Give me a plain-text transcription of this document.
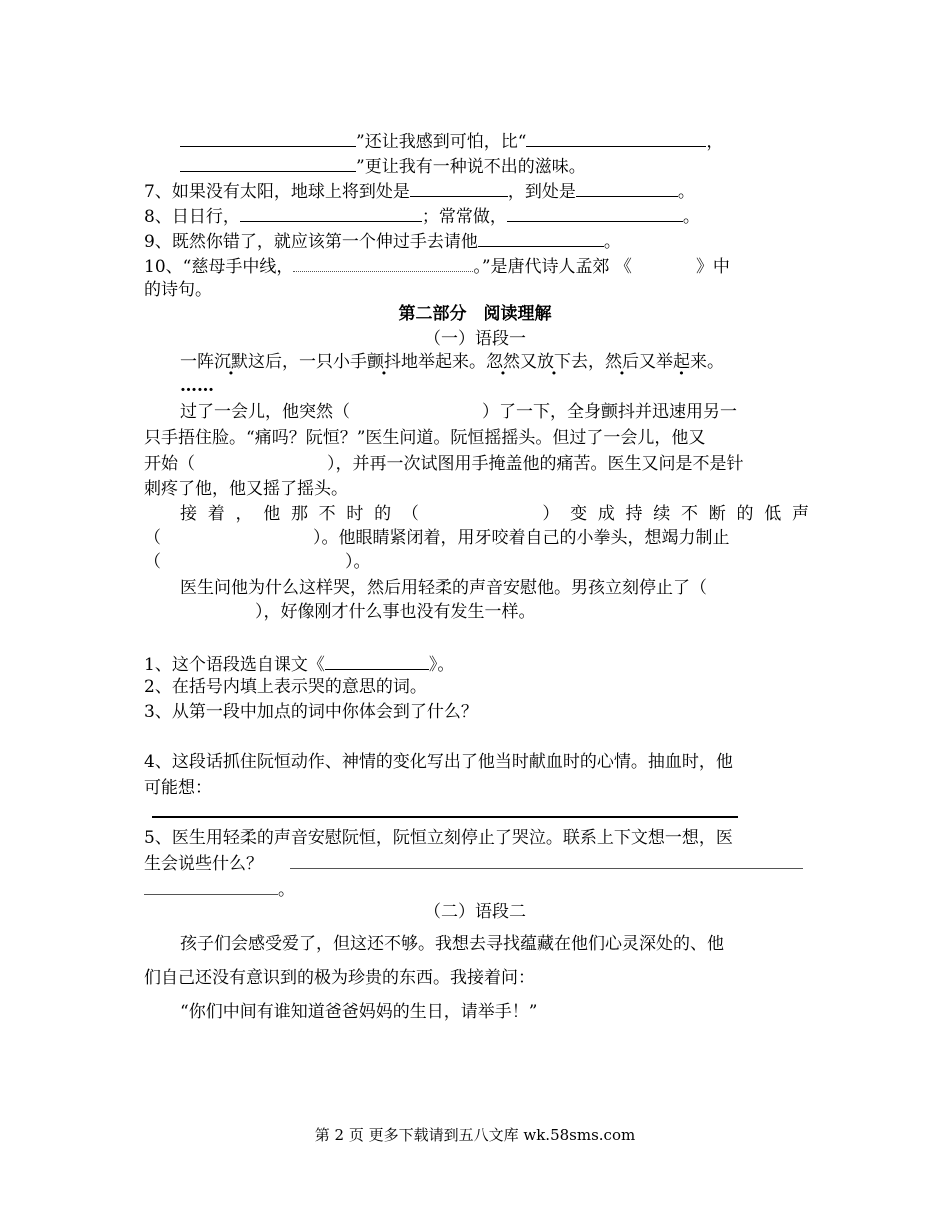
”还让我感到可怕，比“	，
”更让我有一种说不出的滋味。
7、如果没有太阳，地球上将到处是	，到处是	。
8、日日行，	；常常做，	。
9、既然你错了，就应该第一个伸过手去请他	。
10、“慈母手中线，	。”是唐代诗人孟郊 《	》中
的诗句。
第二部分　阅读理解
（一）语段一
一阵沉默这后，一只小手颤抖地举起来。忽然又放下去，然后又举起来。
……
过了一会儿，他突然（	）了一下，全身颤抖并迅速用另一
只手捂住脸。“痛吗？阮恒？”医生问道。阮恒摇摇头。但过了一会儿，他又
开始（	），并再一次试图用手掩盖他的痛苦。医生又问是不是针
刺疼了他，他又摇了摇头。
接 着 ， 他 那 不 时 的 （
　　　　　　	） 变 成 持 续 不 断 的 低 声
（	）。他眼睛紧闭着，用牙咬着自己的小拳头，想竭力制止
（	）。
医生问他为什么这样哭，然后用轻柔的声音安慰他。男孩立刻停止了（
），好像刚才什么事也没有发生一样。
1、这个语段选自课文《	》。
2、在括号内填上表示哭的意思的词。
3、从第一段中加点的词中你体会到了什么？
4、这段话抓住阮恒动作、神情的变化写出了他当时献血时的心情。抽血时，他
可能想：
5、医生用轻柔的声音安慰阮恒，阮恒立刻停止了哭泣。联系上下文想一想，医
生会说些什么？
。
（二）语段二
孩子们会感受爱了，但这还不够。我想去寻找蕴藏在他们心灵深处的、他
们自己还没有意识到的极为珍贵的东西。我接着问：
“你们中间有谁知道爸爸妈妈的生日，请举手！”
第 2 页 更多下载请到五八文库 wk.58sms.com
